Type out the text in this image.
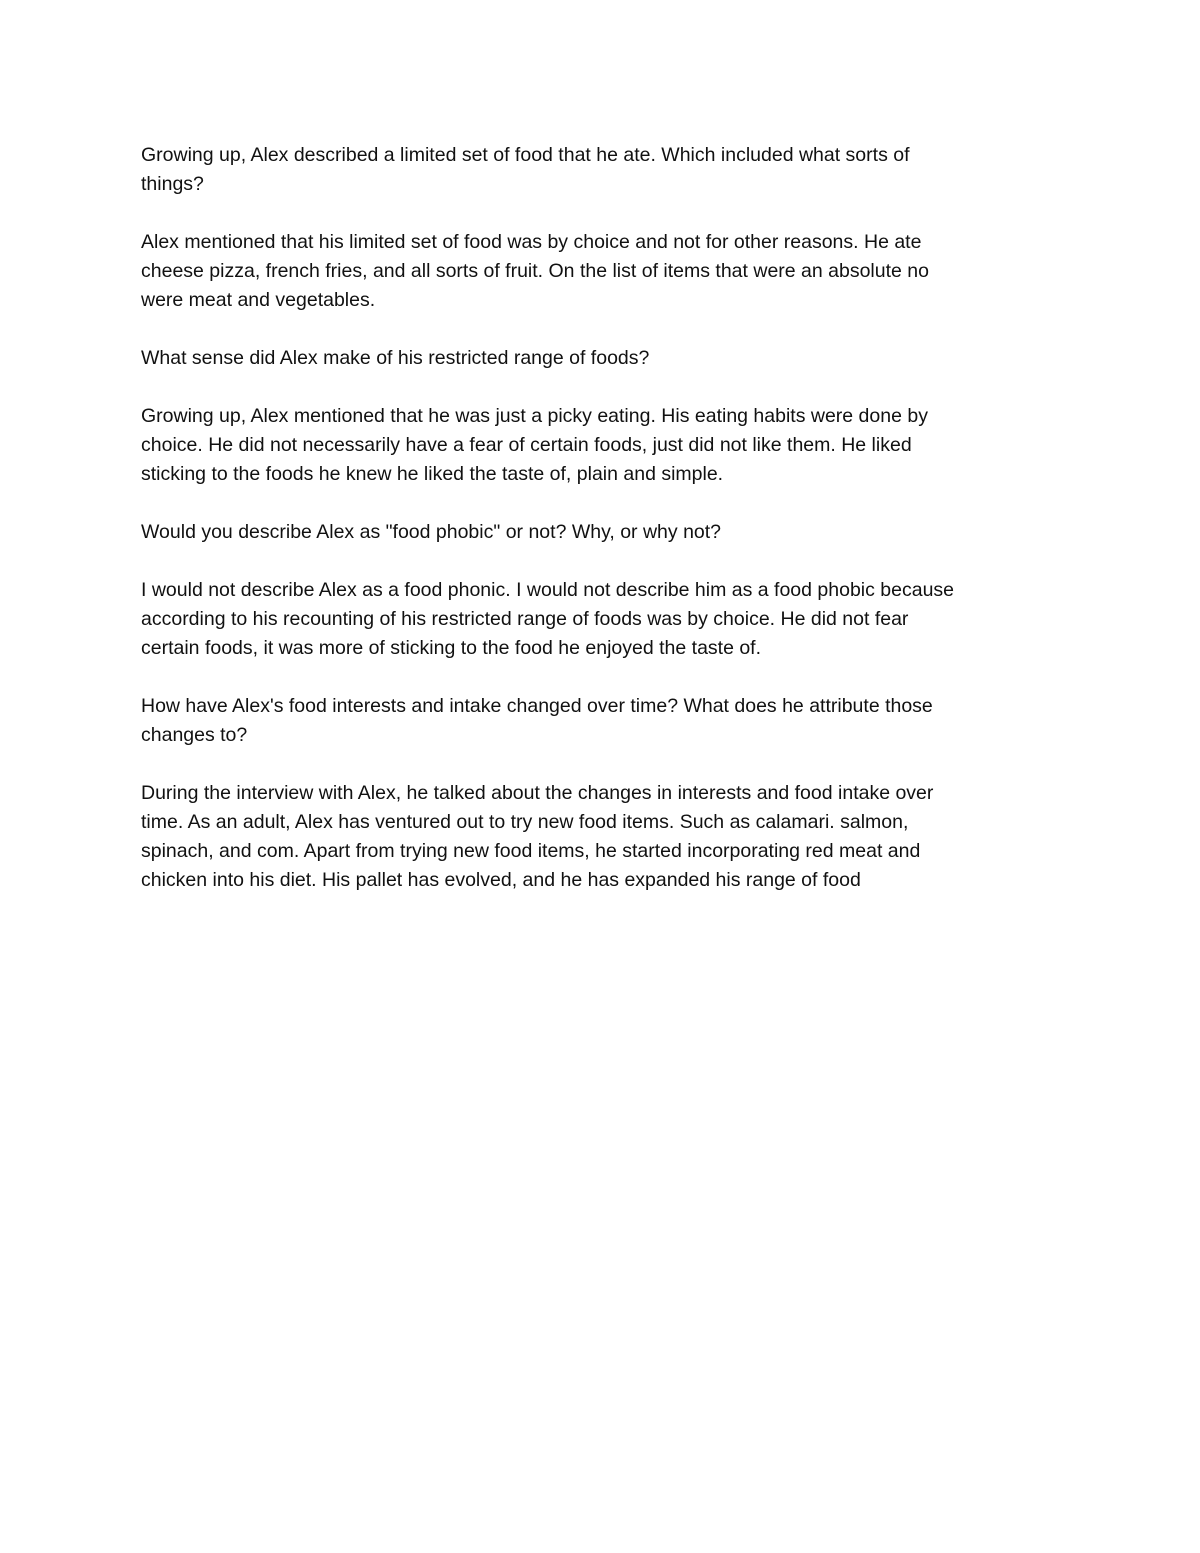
Growing up, Alex described a limited set of food that he ate. Which included what sorts of
things?

Alex mentioned that his limited set of food was by choice and not for other reasons. He ate
cheese pizza, french fries, and all sorts of fruit. On the list of items that were an absolute no
were meat and vegetables.

What sense did Alex make of his restricted range of foods?

Growing up, Alex mentioned that he was just a picky eating. His eating habits were done by
choice. He did not necessarily have a fear of certain foods, just did not like them. He liked
sticking to the foods he knew he liked the taste of, plain and simple.

Would you describe Alex as "food phobic" or not? Why, or why not?

I would not describe Alex as a food phonic. I would not describe him as a food phobic because
according to his recounting of his restricted range of foods was by choice. He did not fear
certain foods, it was more of sticking to the food he enjoyed the taste of.

How have Alex's food interests and intake changed over time? What does he attribute those
changes to?

During the interview with Alex, he talked about the changes in interests and food intake over
time. As an adult, Alex has ventured out to try new food items. Such as calamari. salmon,
spinach, and com. Apart from trying new food items, he started incorporating red meat and
chicken into his diet. His pallet has evolved, and he has expanded his range of food
